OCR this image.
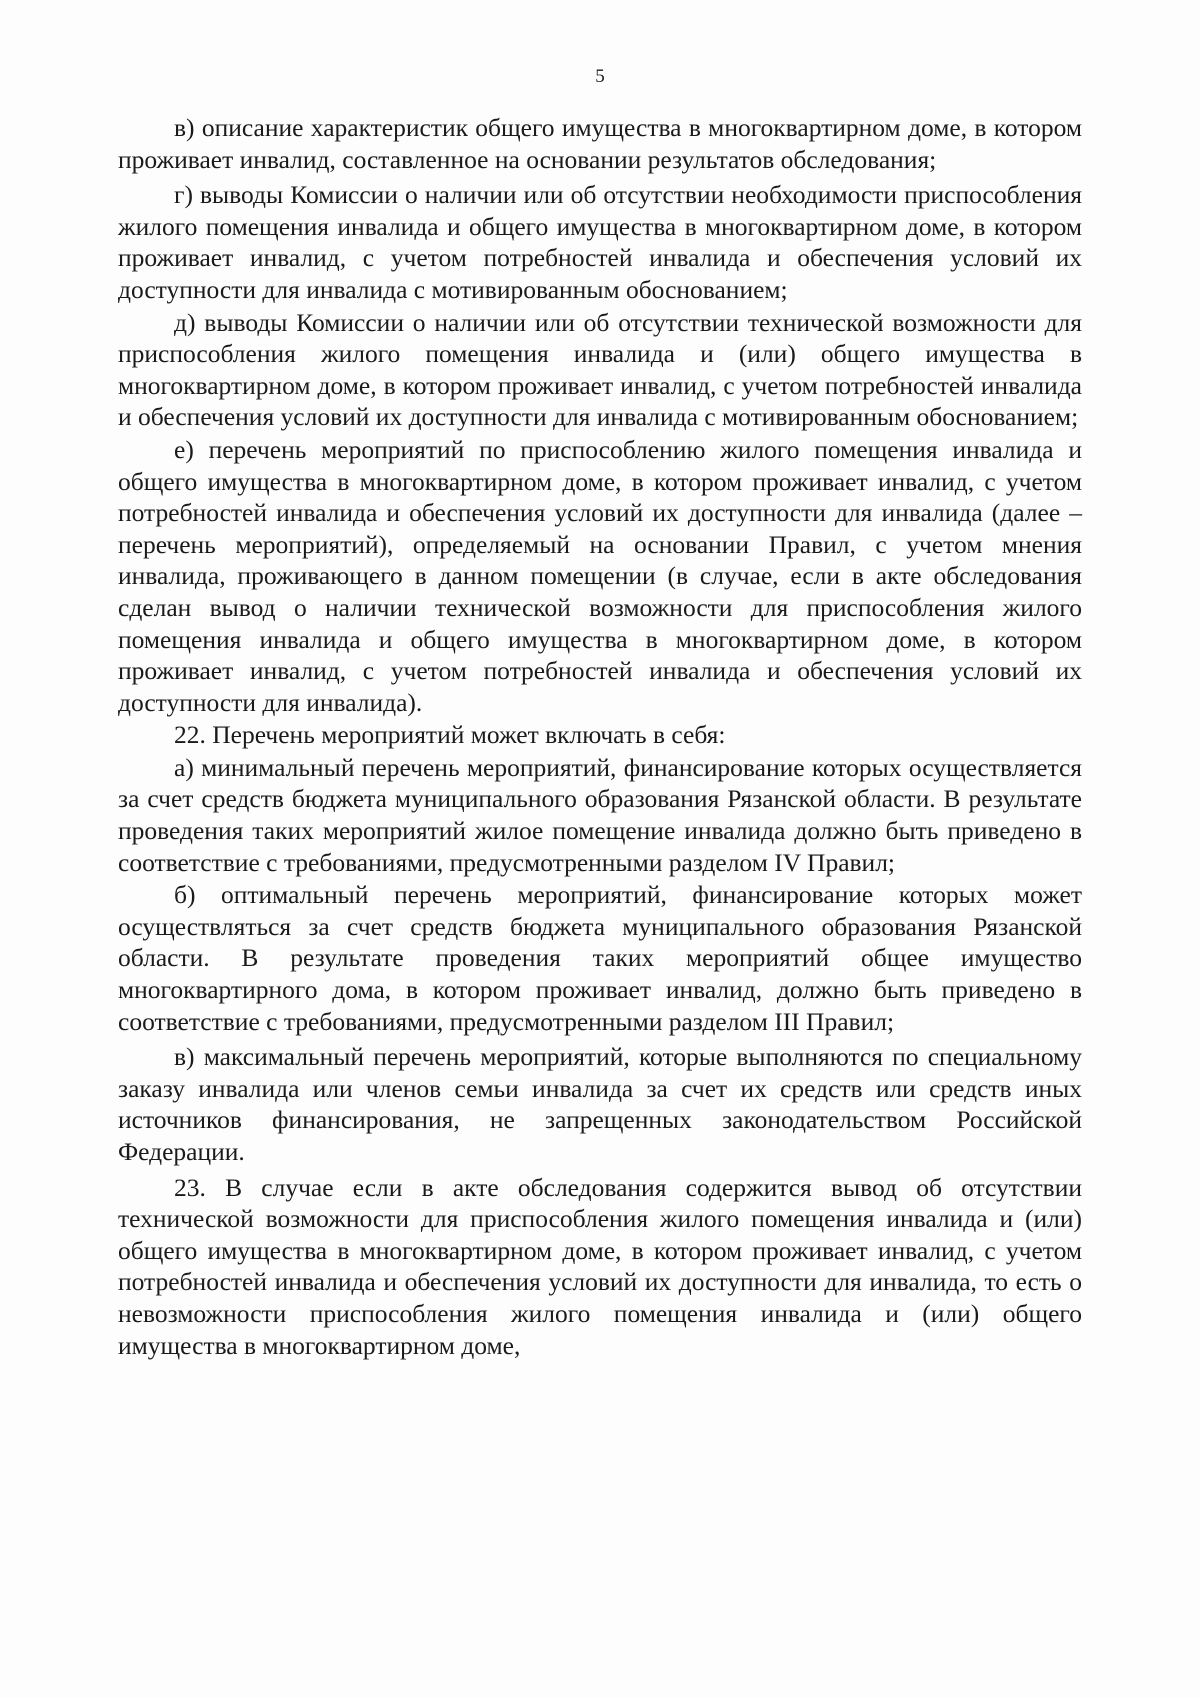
5

в) описание характеристик общего имущества в многоквартирном доме, в котором проживает инвалид, составленное на основании результатов обследования;

г) выводы Комиссии о наличии или об отсутствии необходимости приспособления жилого помещения инвалида и общего имущества в многоквартирном доме, в котором проживает инвалид, с учетом потребностей инвалида и обеспечения условий их доступности для инвалида с мотивированным обоснованием;

д) выводы Комиссии о наличии или об отсутствии технической возможности для приспособления жилого помещения инвалида и (или) общего имущества в многоквартирном доме, в котором проживает инвалид, с учетом потребностей инвалида и обеспечения условий их доступности для инвалида с мотивированным обоснованием;

е) перечень мероприятий по приспособлению жилого помещения инвалида и общего имущества в многоквартирном доме, в котором проживает инвалид, с учетом потребностей инвалида и обеспечения условий их доступности для инвалида (далее – перечень мероприятий), определяемый на основании Правил, с учетом мнения инвалида, проживающего в данном помещении (в случае, если в акте обследования сделан вывод о наличии технической возможности для приспособления жилого помещения инвалида и общего имущества в многоквартирном доме, в котором проживает инвалид, с учетом потребностей инвалида и обеспечения условий их доступности для инвалида).

22. Перечень мероприятий может включать в себя:

а) минимальный перечень мероприятий, финансирование которых осуществляется за счет средств бюджета муниципального образования Рязанской области. В результате проведения таких мероприятий жилое помещение инвалида должно быть приведено в соответствие с требованиями, предусмотренными разделом IV Правил;

б) оптимальный перечень мероприятий, финансирование которых может осуществляться за счет средств бюджета муниципального образования Рязанской области. В результате проведения таких мероприятий общее имущество многоквартирного дома, в котором проживает инвалид, должно быть приведено в соответствие с требованиями, предусмотренными разделом III Правил;

в) максимальный перечень мероприятий, которые выполняются по специальному заказу инвалида или членов семьи инвалида за счет их средств или средств иных источников финансирования, не запрещенных законодательством Российской Федерации.

23. В случае если в акте обследования содержится вывод об отсутствии технической возможности для приспособления жилого помещения инвалида и (или) общего имущества в многоквартирном доме, в котором проживает инвалид, с учетом потребностей инвалида и обеспечения условий их доступности для инвалида, то есть о невозможности приспособления жилого помещения инвалида и (или) общего имущества в многоквартирном доме,
